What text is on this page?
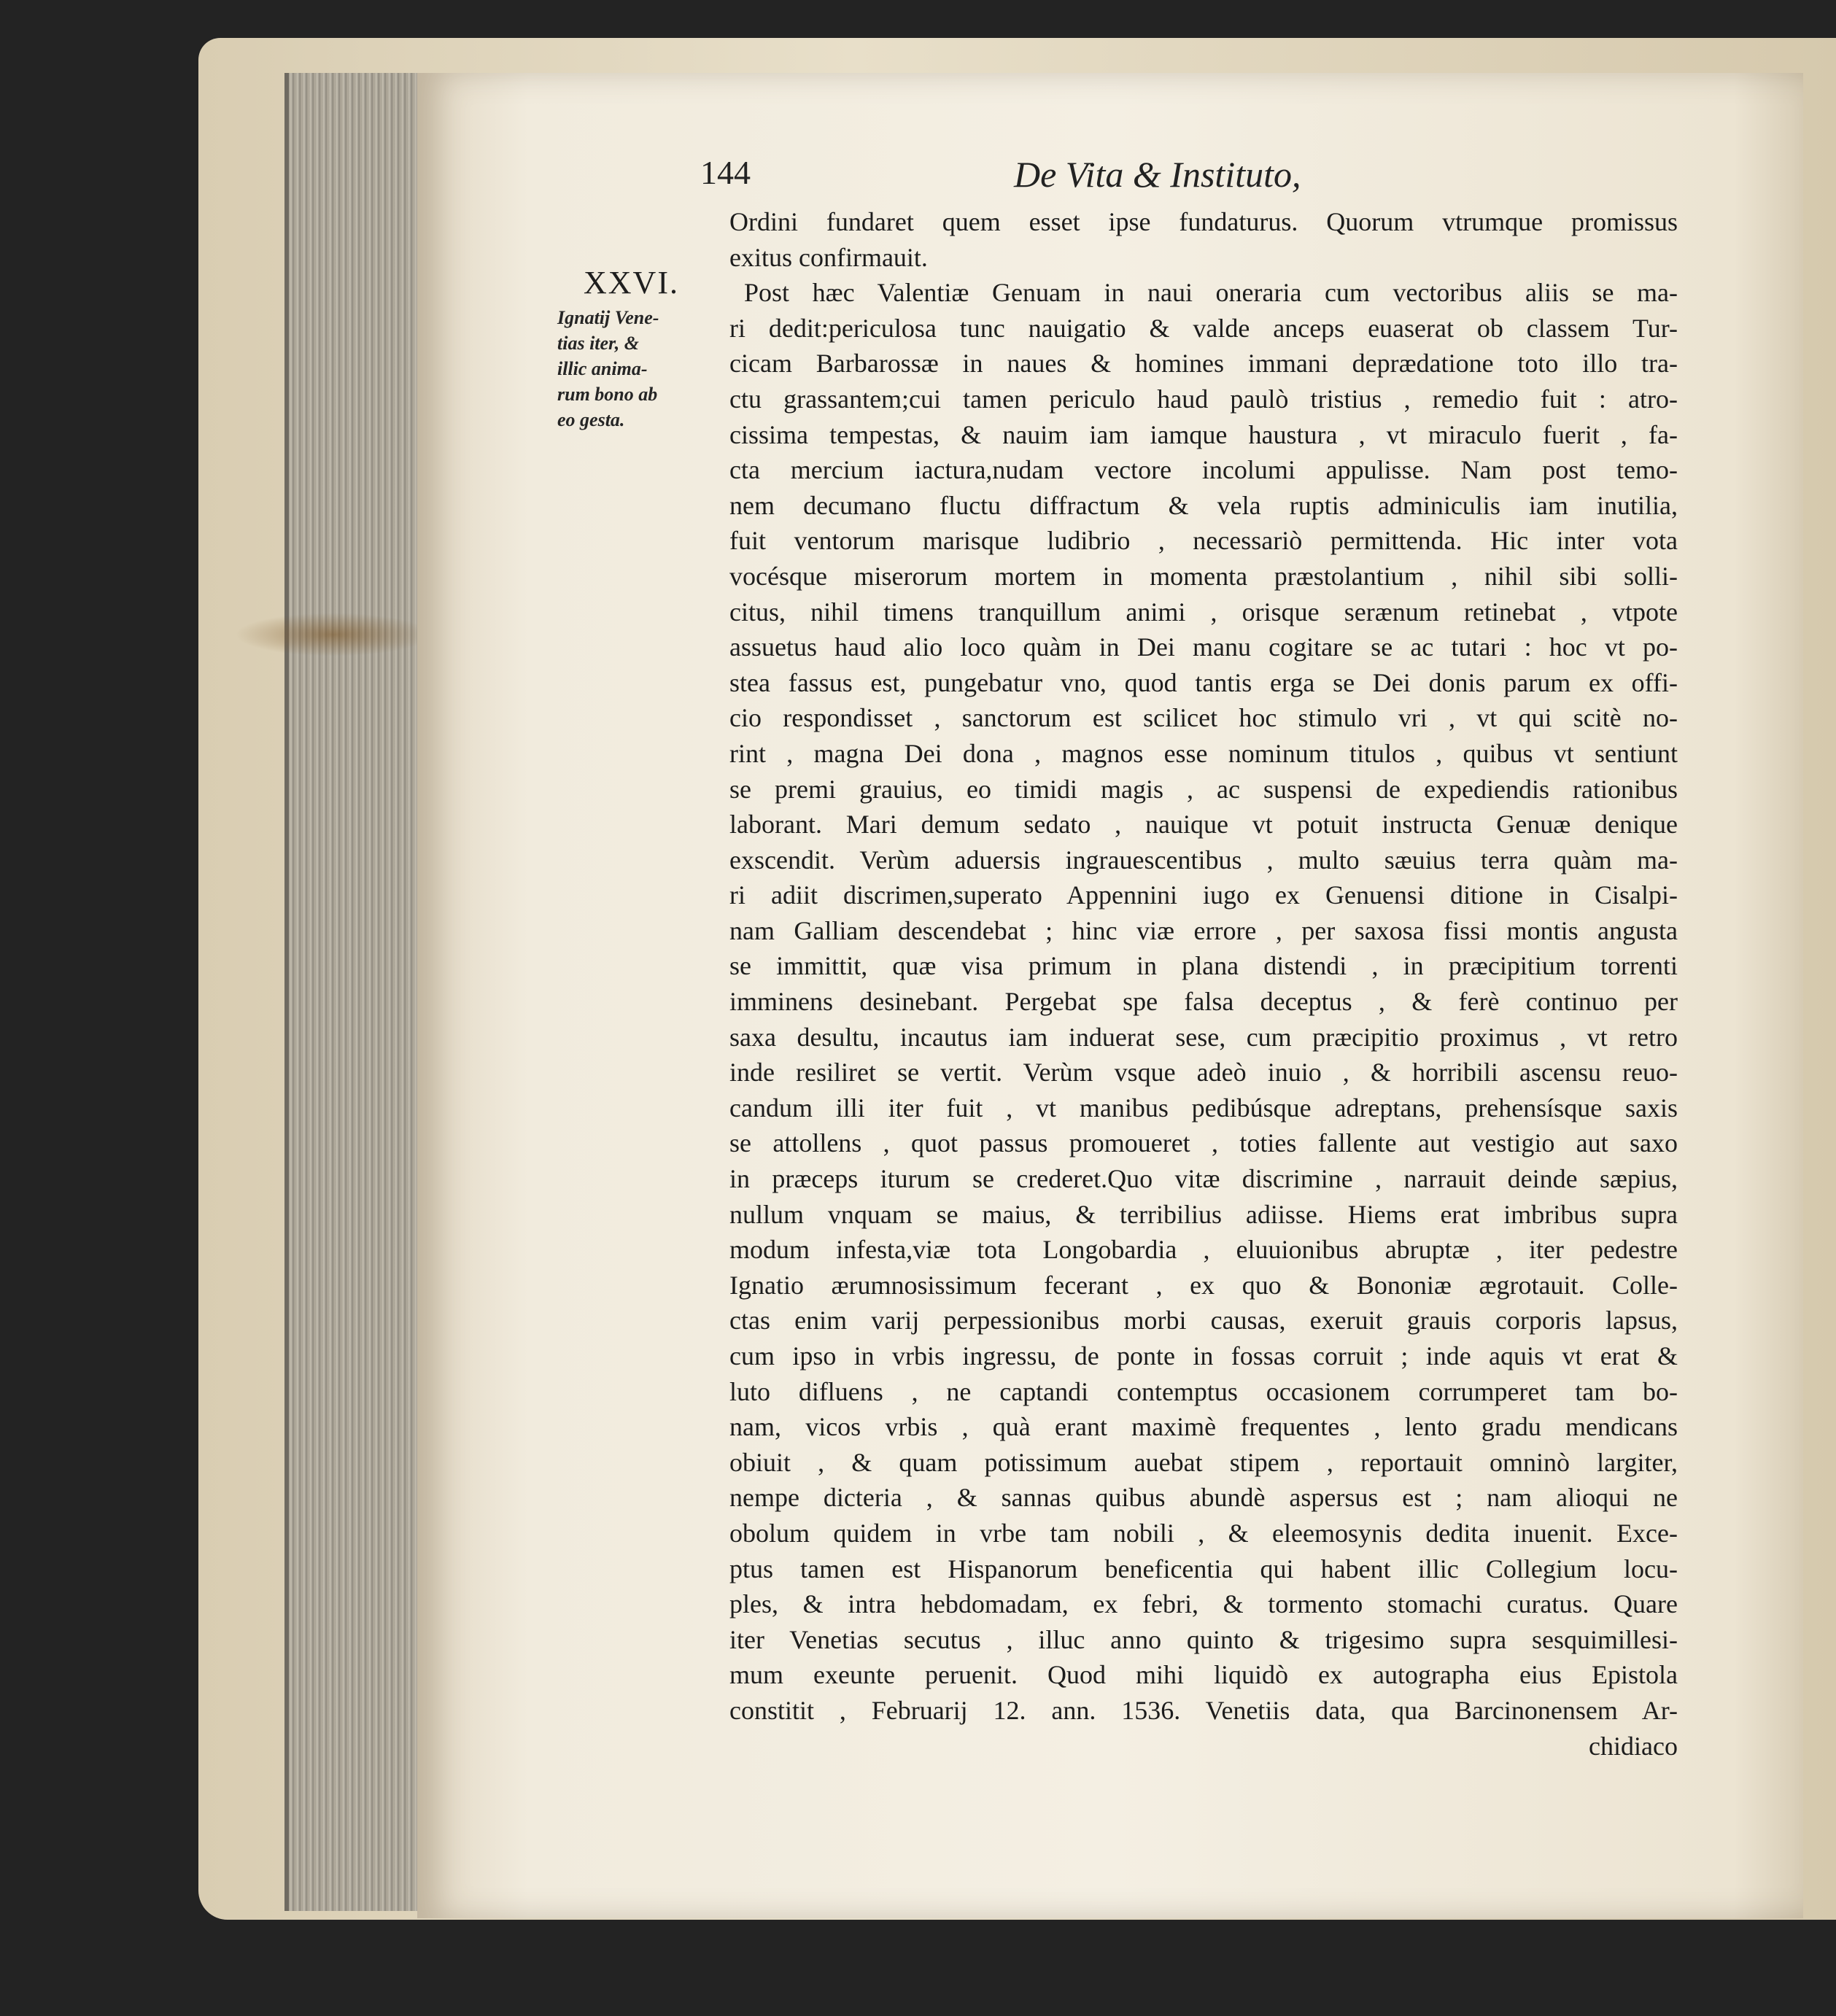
144	De Vita & Instituto,
XXVI.
Ignatij Vene-
tias iter, &
illic anima-
rum bono ab
eo gesta.
Ordini fundaret quem esset ipse fundaturus. Quorum vtrumque promissus
exitus confirmauit.
Post hæc Valentiæ Genuam in naui oneraria cum vectoribus aliis se ma-
ri dedit:periculosa tunc nauigatio & valde anceps euaserat ob classem Tur-
cicam Barbarossæ in naues & homines immani deprædatione toto illo tra-
ctu grassantem;cui tamen periculo haud paulò tristius , remedio fuit : atro-
cissima tempestas, & nauim iam iamque haustura , vt miraculo fuerit , fa-
cta mercium iactura,nudam vectore incolumi appulisse. Nam post temo-
nem decumano fluctu diffractum & vela ruptis adminiculis iam inutilia,
fuit ventorum marisque ludibrio , necessariò permittenda. Hic inter vota
vocésque miserorum mortem in momenta præstolantium , nihil sibi solli-
citus, nihil timens tranquillum animi , orisque serænum retinebat , vtpote
assuetus haud alio loco quàm in Dei manu cogitare se ac tutari : hoc vt po-
stea fassus est, pungebatur vno, quod tantis erga se Dei donis parum ex offi-
cio respondisset , sanctorum est scilicet hoc stimulo vri , vt qui scitè no-
rint , magna Dei dona , magnos esse nominum titulos , quibus vt sentiunt
se premi grauius, eo timidi magis , ac suspensi de expediendis rationibus
laborant. Mari demum sedato , nauique vt potuit instructa Genuæ denique
exscendit. Verùm aduersis ingrauescentibus , multo sæuius terra quàm ma-
ri adiit discrimen,superato Appennini iugo ex Genuensi ditione in Cisalpi-
nam Galliam descendebat ; hinc viæ errore , per saxosa fissi montis angusta
se immittit, quæ visa primum in plana distendi , in præcipitium torrenti
imminens desinebant. Pergebat spe falsa deceptus , & ferè continuo per
saxa desultu, incautus iam induerat sese, cum præcipitio proximus , vt retro
inde resiliret se vertit. Verùm vsque adeò inuio , & horribili ascensu reuo-
candum illi iter fuit , vt manibus pedibúsque adreptans, prehensísque saxis
se attollens , quot passus promoueret , toties fallente aut vestigio aut saxo
in præceps iturum se crederet.Quo vitæ discrimine , narrauit deinde sæpius,
nullum vnquam se maius, & terribilius adiisse. Hiems erat imbribus supra
modum infesta,viæ tota Longobardia , eluuionibus abruptæ , iter pedestre
Ignatio ærumnosissimum fecerant , ex quo & Bononiæ ægrotauit. Colle-
ctas enim varij perpessionibus morbi causas, exeruit grauis corporis lapsus,
cum ipso in vrbis ingressu, de ponte in fossas corruit ; inde aquis vt erat &
luto difluens , ne captandi contemptus occasionem corrumperet tam bo-
nam, vicos vrbis , quà erant maximè frequentes , lento gradu mendicans
obiuit , & quam potissimum auebat stipem , reportauit omninò largiter,
nempe dicteria , & sannas quibus abundè aspersus est ; nam alioqui ne
obolum quidem in vrbe tam nobili , & eleemosynis dedita inuenit. Exce-
ptus tamen est Hispanorum beneficentia qui habent illic Collegium locu-
ples, & intra hebdomadam, ex febri, & tormento stomachi curatus. Quare
iter Venetias secutus , illuc anno quinto & trigesimo supra sesquimillesi-
mum exeunte peruenit. Quod mihi liquidò ex autographa eius Epistola
constitit , Februarij 12. ann. 1536. Venetiis data, qua Barcinonensem Ar-
chidiaco
